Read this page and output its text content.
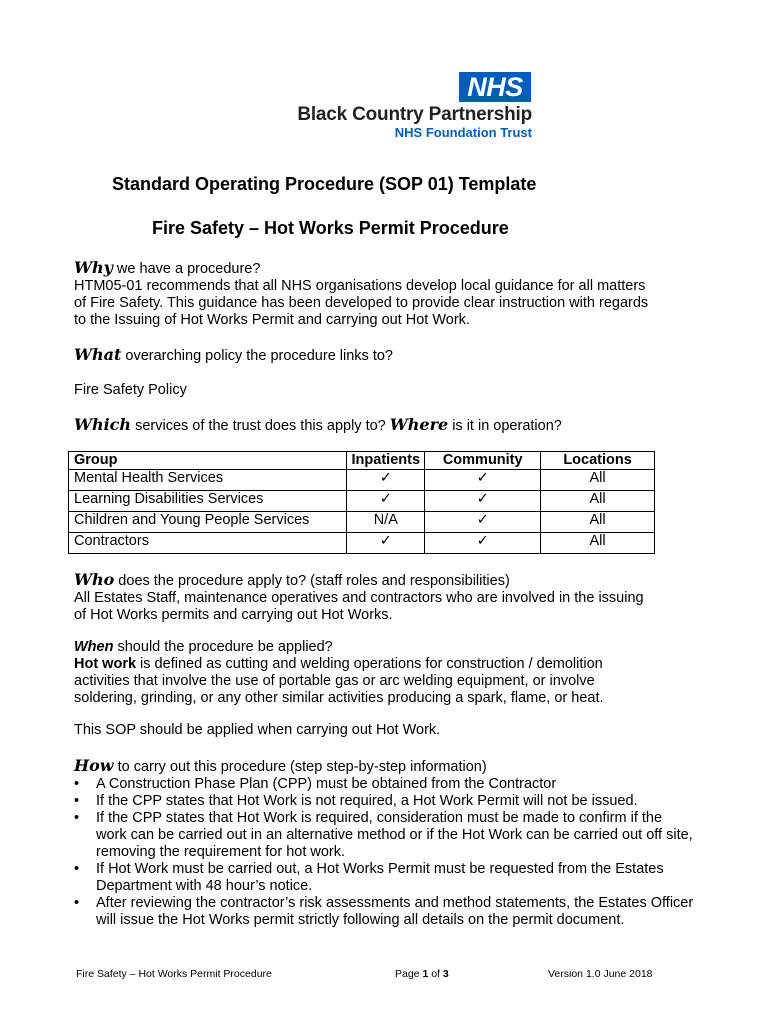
NHS
Black Country Partnership
NHS Foundation Trust
Standard Operating Procedure (SOP 01) Template
Fire Safety – Hot Works Permit Procedure
Why we have a procedure?
HTM05-01 recommends that all NHS organisations develop local guidance for all matters
of Fire Safety. This guidance has been developed to provide clear instruction with regards
to the Issuing of Hot Works Permit and carrying out Hot Work.
What overarching policy the procedure links to?
Fire Safety Policy
Which services of the trust does this apply to? Where is it in operation?
Group	Inpatients	Community	Locations
Mental Health Services	✓	✓	All
Learning Disabilities Services	✓	✓	All
Children and Young People Services	N/A	✓	All
Contractors	✓	✓	All
Who does the procedure apply to? (staff roles and responsibilities)
All Estates Staff, maintenance operatives and contractors who are involved in the issuing
of Hot Works permits and carrying out Hot Works.
When should the procedure be applied?
Hot work is defined as cutting and welding operations for construction / demolition
activities that involve the use of portable gas or arc welding equipment, or involve
soldering, grinding, or any other similar activities producing a spark, flame, or heat.
This SOP should be applied when carrying out Hot Work.
How to carry out this procedure (step step-by-step information)
• A Construction Phase Plan (CPP) must be obtained from the Contractor
• If the CPP states that Hot Work is not required, a Hot Work Permit will not be issued.
• If the CPP states that Hot Work is required, consideration must be made to confirm if the work can be carried out in an alternative method or if the Hot Work can be carried out off site, removing the requirement for hot work.
• If Hot Work must be carried out, a Hot Works Permit must be requested from the Estates Department with 48 hour’s notice.
• After reviewing the contractor’s risk assessments and method statements, the Estates Officer will issue the Hot Works permit strictly following all details on the permit document.
Fire Safety – Hot Works Permit Procedure	Page 1 of 3	Version 1.0 June 2018
